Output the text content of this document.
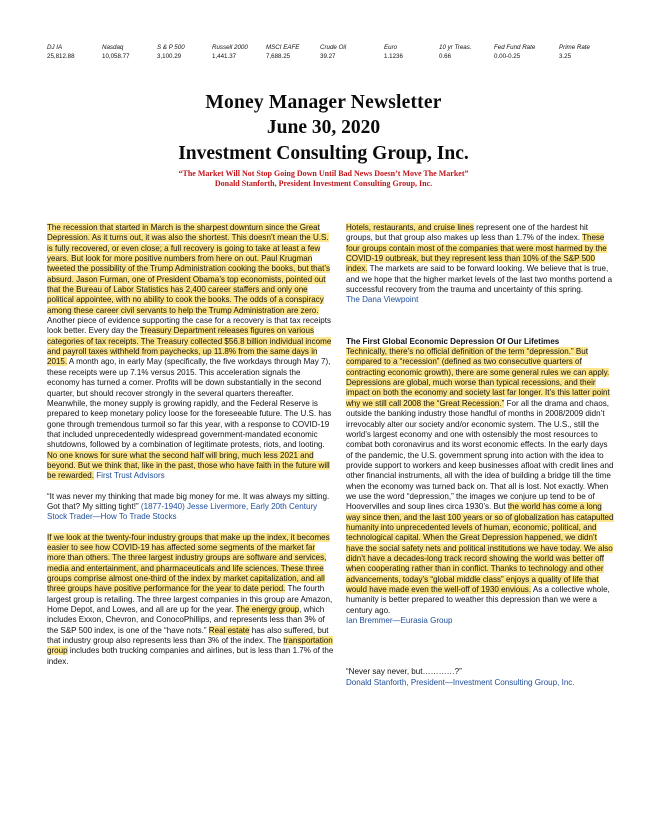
DJ IA
25,812.88
Nasdaq
10,058.77
S & P 500
3,100.29
Russell 2000
1,441.37
MSCI EAFE
7,688.25
Crude Oil
39.27
Euro
1.1236
10 yr Treas.
0.66
Fed Fund Rate
0.00-0.25
Prime Rate
3.25
Money Manager Newsletter
June 30, 2020
Investment Consulting Group, Inc.
“The Market Will Not Stop Going Down Until Bad News Doesn’t Move The Market”
Donald Stanforth, President Investment Consulting Group, Inc.

The recession that started in March is the sharpest downturn since the Great Depression. As it turns out, it was also the shortest. This doesn’t mean the U.S. is fully recovered, or even close; a full recovery is going to take at least a few years. But look for more positive numbers from here on out. Paul Krugman tweeted the possibility of the Trump Administration cooking the books, but that’s absurd. Jason Furman, one of President Obama’s top economists, pointed out that the Bureau of Labor Statistics has 2,400 career staffers and only one political appointee, with no ability to cook the books. The odds of a conspiracy among these career civil servants to help the Trump Administration are zero. Another piece of evidence supporting the case for a recovery is that tax receipts look better. Every day the Treasury Department releases figures on various categories of tax receipts. The Treasury collected $56.8 billion individual income and payroll taxes withheld from paychecks, up 11.8% from the same days in 2015. A month ago, in early May (specifically, the five workdays through May 7), these receipts were up 7.1% versus 2015. This acceleration signals the economy has turned a corner. Profits will be down substantially in the second quarter, but should recover strongly in the several quarters thereafter. Meanwhile, the money supply is growing rapidly, and the Federal Reserve is prepared to keep monetary policy loose for the foreseeable future. The U.S. has gone through tremendous turmoil so far this year, with a response to COVID-19 that included unprecedentedly widespread government-mandated economic shutdowns, followed by a combination of legitimate protests, riots, and looting. No one knows for sure what the second half will bring, much less 2021 and beyond. But we think that, like in the past, those who have faith in the future will be rewarded. First Trust Advisors

“It was never my thinking that made big money for me. It was always my sitting. Got that? My sitting tight!” (1877-1940) Jesse Livermore, Early 20th Century Stock Trader—How To Trade Stocks

If we look at the twenty-four industry groups that make up the index, it becomes easier to see how COVID-19 has affected some segments of the market far more than others. The three largest industry groups are software and services, media and entertainment, and pharmaceuticals and life sciences. These three groups comprise almost one-third of the index by market capitalization, and all three groups have positive performance for the year to date period. The fourth largest group is retailing. The three largest companies in this group are Amazon, Home Depot, and Lowes, and all are up for the year. The energy group, which includes Exxon, Chevron, and ConocoPhillips, and represents less than 3% of the S&P 500 index, is one of the “have nots.” Real estate has also suffered, but that industry group also represents less than 3% of the index. The transportation group includes both trucking companies and airlines, but is less than 1.7% of the index.

Hotels, restaurants, and cruise lines represent one of the hardest hit groups, but that group also makes up less than 1.7% of the index. These four groups contain most of the companies that were most harmed by the COVID-19 outbreak, but they represent less than 10% of the S&P 500 index. The markets are said to be forward looking. We believe that is true, and we hope that the higher market levels of the last two months portend a successful recovery from the trauma and uncertainty of this spring.

The Dana Viewpoint

The First Global Economic Depression Of Our Lifetimes

Technically, there’s no official definition of the term “depression.” But compared to a “recession” (defined as two consecutive quarters of contracting economic growth), there are some general rules we can apply. Depressions are global, much worse than typical recessions, and their impact on both the economy and society last far longer. It’s this latter point why we still call 2008 the “Great Recession.” For all the drama and chaos, outside the banking industry those handful of months in 2008/2009 didn’t irrevocably alter our society and/or economic system. The U.S., still the world’s largest economy and one with ostensibly the most resources to combat both coronavirus and its worst economic effects. In the early days of the pandemic, the U.S. government sprung into action with the idea to provide support to workers and keep businesses afloat with credit lines and other financial instruments, all with the idea of building a bridge till the time when the economy was turned back on. That all is lost. Not exactly. When we use the word “depression,” the images we conjure up tend to be of Hoovervilles and soup lines circa 1930’s. But the world has come a long way since then, and the last 100 years or so of globalization has catapulted humanity into unprecedented levels of human, economic, political, and technological capital. When the Great Depression happened, we didn’t have the social safety nets and political institutions we have today. We also didn’t have a decades-long track record showing the world was better off when cooperating rather than in conflict. Thanks to technology and other advancements, today’s “global middle class” enjoys a quality of life that would have made even the well-off of 1930 envious. As a collective whole, humanity is better prepared to weather this depression than we were a century ago.

Ian Bremmer—Eurasia Group

“Never say never, but…………?”

Donald Stanforth, President—Investment Consulting Group, Inc.
